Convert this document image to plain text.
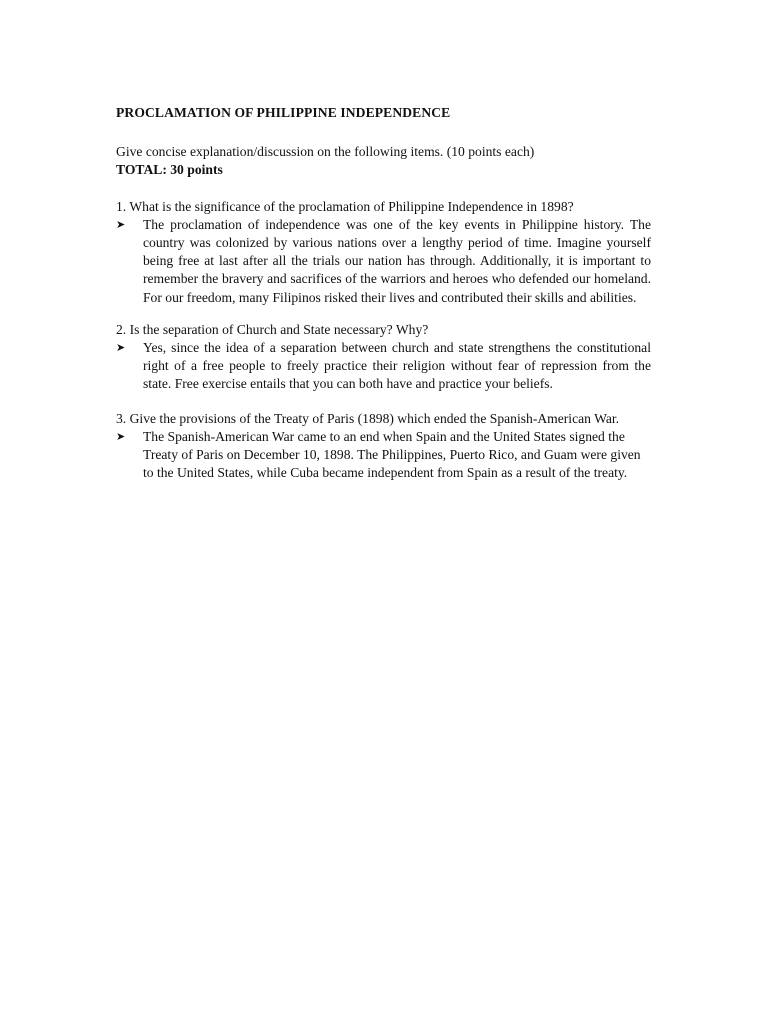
PROCLAMATION OF PHILIPPINE INDEPENDENCE

Give concise explanation/discussion on the following items. (10 points each)

TOTAL: 30 points

1. What is the significance of the proclamation of Philippine Independence in 1898?

➤ The proclamation of independence was one of the key events in Philippine history. The country was colonized by various nations over a lengthy period of time. Imagine yourself being free at last after all the trials our nation has through. Additionally, it is important to remember the bravery and sacrifices of the warriors and heroes who defended our homeland. For our freedom, many Filipinos risked their lives and contributed their skills and abilities.

2. Is the separation of Church and State necessary? Why?

➤ Yes, since the idea of a separation between church and state strengthens the constitutional right of a free people to freely practice their religion without fear of repression from the state. Free exercise entails that you can both have and practice your beliefs.

3. Give the provisions of the Treaty of Paris (1898) which ended the Spanish-American War.

➤ The Spanish-American War came to an end when Spain and the United States signed the Treaty of Paris on December 10, 1898. The Philippines, Puerto Rico, and Guam were given to the United States, while Cuba became independent from Spain as a result of the treaty.
